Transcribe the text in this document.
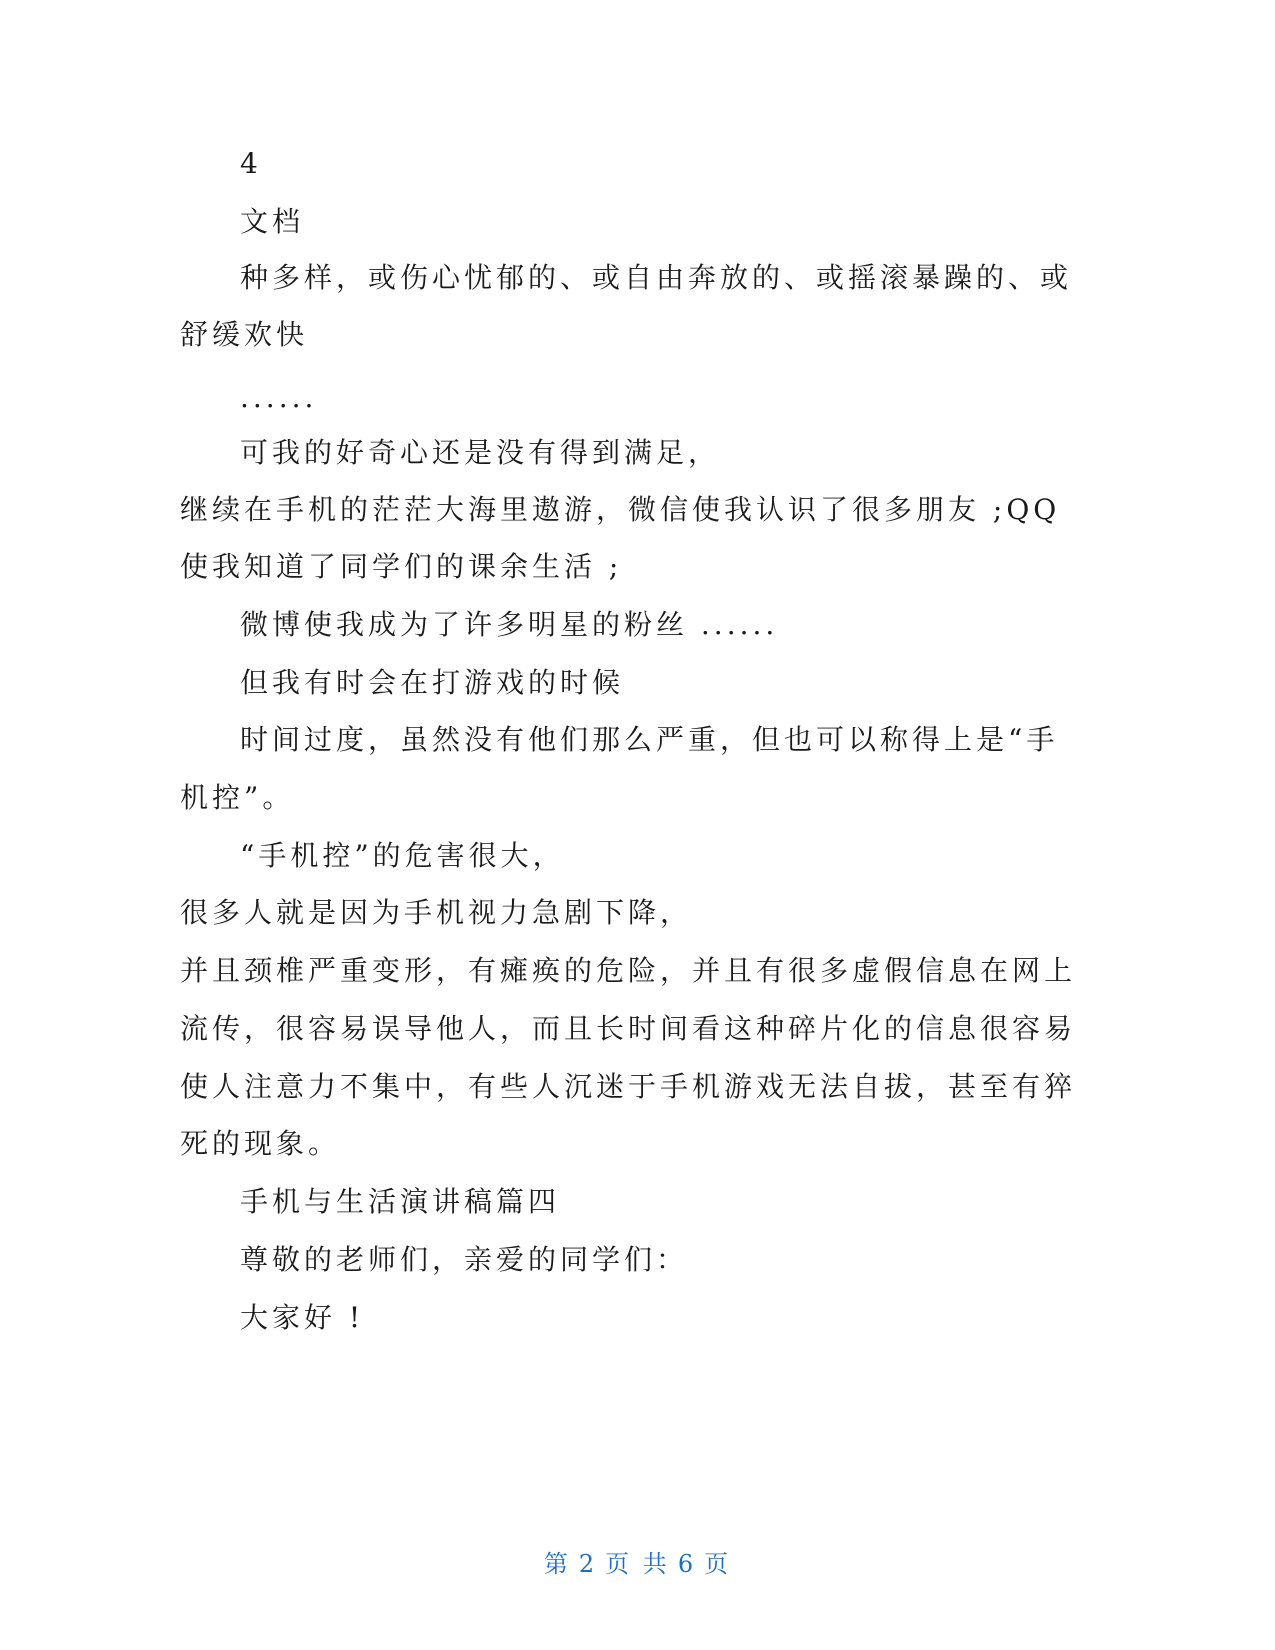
4
文档
种多样，或伤心忧郁的、或自由奔放的、或摇滚暴躁的、或
舒缓欢快
......
可我的好奇心还是没有得到满足，
继续在手机的茫茫大海里遨游，微信使我认识了很多朋友 ;QQ
使我知道了同学们的课余生活 ;
微博使我成为了许多明星的粉丝 ......
但我有时会在打游戏的时候
时间过度，虽然没有他们那么严重，但也可以称得上是“手
机控”。
“手机控”的危害很大，
很多人就是因为手机视力急剧下降，
并且颈椎严重变形，有瘫痪的危险，并且有很多虚假信息在网上
流传，很容易误导他人，而且长时间看这种碎片化的信息很容易
使人注意力不集中，有些人沉迷于手机游戏无法自拔，甚至有猝
死的现象。
手机与生活演讲稿篇四
尊敬的老师们，亲爱的同学们：
大家好 !
第 2 页 共 6 页
